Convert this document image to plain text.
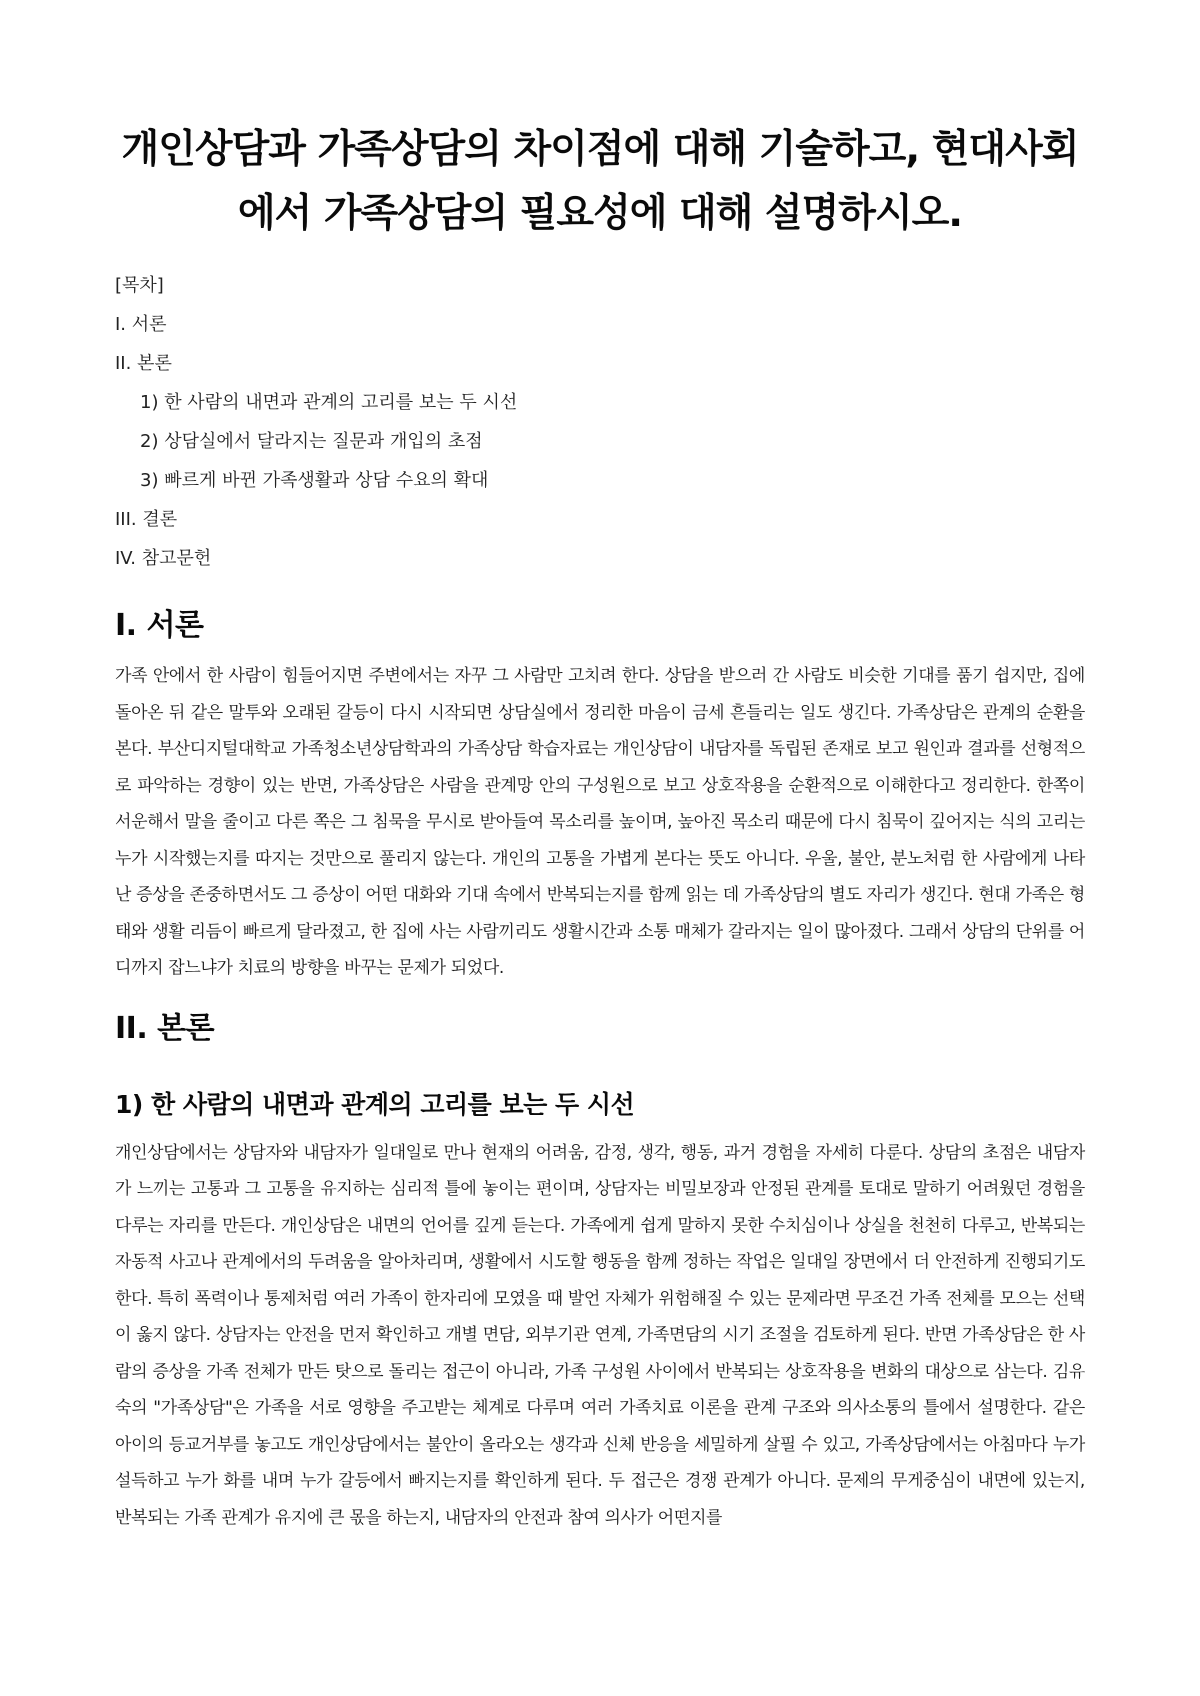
개인상담과 가족상담의 차이점에 대해 기술하고, 현대사회에서 가족상담의 필요성에 대해 설명하시오.
[목차]
I. 서론
II. 본론
1) 한 사람의 내면과 관계의 고리를 보는 두 시선
2) 상담실에서 달라지는 질문과 개입의 초점
3) 빠르게 바뀐 가족생활과 상담 수요의 확대
III. 결론
IV. 참고문헌
I. 서론

가족 안에서 한 사람이 힘들어지면 주변에서는 자꾸 그 사람만 고치려 한다. 상담을 받으러 간 사람도 비슷한 기대를 품기 쉽지만, 집에 돌아온 뒤 같은 말투와 오래된 갈등이 다시 시작되면 상담실에서 정리한 마음이 금세 흔들리는 일도 생긴다. 가족상담은 관계의 순환을 본다. 부산디지털대학교 가족청소년상담학과의 가족상담 학습자료는 개인상담이 내담자를 독립된 존재로 보고 원인과 결과를 선형적으로 파악하는 경향이 있는 반면, 가족상담은 사람을 관계망 안의 구성원으로 보고 상호작용을 순환적으로 이해한다고 정리한다. 한쪽이 서운해서 말을 줄이고 다른 쪽은 그 침묵을 무시로 받아들여 목소리를 높이며, 높아진 목소리 때문에 다시 침묵이 깊어지는 식의 고리는 누가 시작했는지를 따지는 것만으로 풀리지 않는다. 개인의 고통을 가볍게 본다는 뜻도 아니다. 우울, 불안, 분노처럼 한 사람에게 나타난 증상을 존중하면서도 그 증상이 어떤 대화와 기대 속에서 반복되는지를 함께 읽는 데 가족상담의 별도 자리가 생긴다. 현대 가족은 형태와 생활 리듬이 빠르게 달라졌고, 한 집에 사는 사람끼리도 생활시간과 소통 매체가 갈라지는 일이 많아졌다. 그래서 상담의 단위를 어디까지 잡느냐가 치료의 방향을 바꾸는 문제가 되었다.

II. 본론
1) 한 사람의 내면과 관계의 고리를 보는 두 시선

개인상담에서는 상담자와 내담자가 일대일로 만나 현재의 어려움, 감정, 생각, 행동, 과거 경험을 자세히 다룬다. 상담의 초점은 내담자가 느끼는 고통과 그 고통을 유지하는 심리적 틀에 놓이는 편이며, 상담자는 비밀보장과 안정된 관계를 토대로 말하기 어려웠던 경험을 다루는 자리를 만든다. 개인상담은 내면의 언어를 깊게 듣는다. 가족에게 쉽게 말하지 못한 수치심이나 상실을 천천히 다루고, 반복되는 자동적 사고나 관계에서의 두려움을 알아차리며, 생활에서 시도할 행동을 함께 정하는 작업은 일대일 장면에서 더 안전하게 진행되기도 한다. 특히 폭력이나 통제처럼 여러 가족이 한자리에 모였을 때 발언 자체가 위험해질 수 있는 문제라면 무조건 가족 전체를 모으는 선택이 옳지 않다. 상담자는 안전을 먼저 확인하고 개별 면담, 외부기관 연계, 가족면담의 시기 조절을 검토하게 된다. 반면 가족상담은 한 사람의 증상을 가족 전체가 만든 탓으로 돌리는 접근이 아니라, 가족 구성원 사이에서 반복되는 상호작용을 변화의 대상으로 삼는다. 김유숙의 "가족상담"은 가족을 서로 영향을 주고받는 체계로 다루며 여러 가족치료 이론을 관계 구조와 의사소통의 틀에서 설명한다. 같은 아이의 등교거부를 놓고도 개인상담에서는 불안이 올라오는 생각과 신체 반응을 세밀하게 살필 수 있고, 가족상담에서는 아침마다 누가 설득하고 누가 화를 내며 누가 갈등에서 빠지는지를 확인하게 된다. 두 접근은 경쟁 관계가 아니다. 문제의 무게중심이 내면에 있는지, 반복되는 가족 관계가 유지에 큰 몫을 하는지, 내담자의 안전과 참여 의사가 어떤지를
